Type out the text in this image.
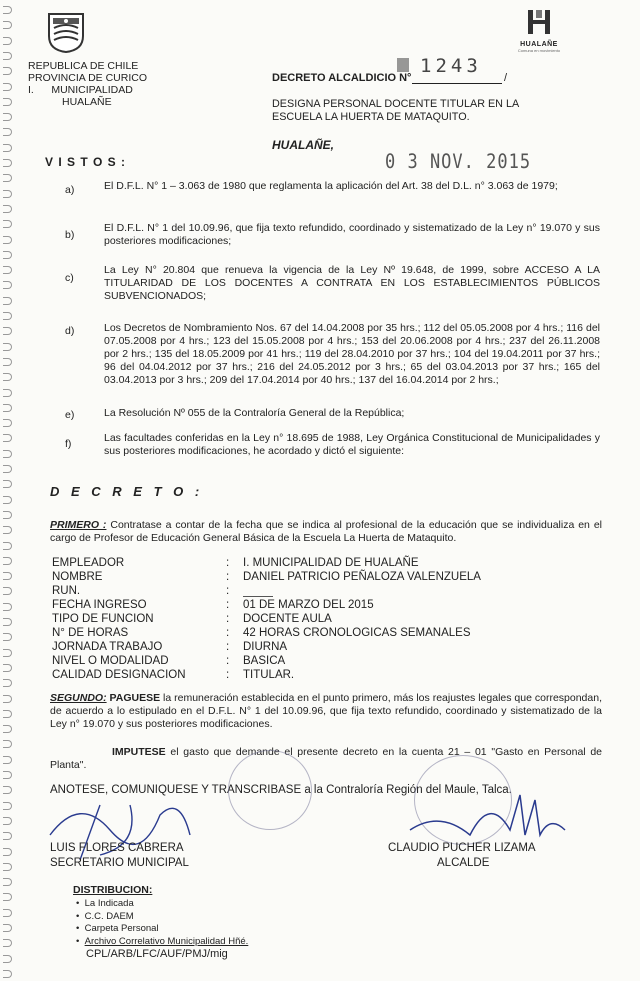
REPUBLICA DE CHILE
PROVINCIA DE CURICO
I.      MUNICIPALIDAD
HUALAÑE
HUALAÑE
Comuna en movimiento
DECRETO ALCALDICIO N°	/
1243
DESIGNA PERSONAL DOCENTE TITULAR EN LA ESCUELA LA HUERTA DE MATAQUITO.
HUALAÑE,
0 3 NOV. 2015
V I S T O S :
a)	El D.F.L. N° 1 – 3.063 de 1980 que reglamenta la aplicación del Art. 38 del D.L. n° 3.063 de 1979;
b)
El D.F.L. N° 1 del 10.09.96, que fija texto refundido, coordinado y sistematizado de la Ley n° 19.070 y sus posteriores modificaciones;
c)
La Ley N° 20.804 que renueva la vigencia de la Ley Nº 19.648, de 1999, sobre ACCESO A LA TITULARIDAD DE LOS DOCENTES A CONTRATA EN LOS ESTABLECIMIENTOS PÚBLICOS SUBVENCIONADOS;
d)	Los Decretos de Nombramiento Nos. 67 del 14.04.2008 por 35 hrs.; 112 del 05.05.2008 por 4 hrs.; 116 del 07.05.2008 por 4 hrs.; 123 del 15.05.2008 por 4 hrs.; 153 del 20.06.2008 por 4 hrs.; 237 del 26.11.2008 por 2 hrs.; 135 del 18.05.2009 por 41 hrs.; 119 del 28.04.2010 por 37 hrs.; 104 del 19.04.2011 por 37 hrs.; 96 del 04.04.2012 por 37 hrs.; 216 del 24.05.2012 por 3 hrs.; 65 del 03.04.2013 por 37 hrs.; 165 del 03.04.2013 por 3 hrs.; 209 del 17.04.2014 por 40 hrs.; 137 del 16.04.2014 por 2 hrs.;
e)	La Resolución Nº 055 de la Contraloría General de la República;
f)	Las facultades conferidas en la Ley n° 18.695 de 1988, Ley Orgánica Constitucional de Municipalidades y sus posteriores modificaciones, he acordado y dictó el siguiente:
D E C R E T O :
PRIMERO : Contratase a contar de la fecha que se indica al profesional de la educación que se individualiza en el cargo de Profesor de Educación General Básica de la Escuela La Huerta de Mataquito.
EMPLEADOR	: I. MUNICIPALIDAD DE HUALAÑE
NOMBRE	: DANIEL PATRICIO PEÑALOZA VALENZUELA
RUN.	:
FECHA INGRESO	: 01 DE MARZO DEL 2015
TIPO DE FUNCION	: DOCENTE AULA
N° DE HORAS	: 42 HORAS CRONOLOGICAS SEMANALES
JORNADA TRABAJO	: DIURNA
NIVEL O MODALIDAD	: BASICA
CALIDAD DESIGNACION	: TITULAR.
SEGUNDO: PAGUESE la remuneración establecida en el punto primero, más los reajustes legales que correspondan, de acuerdo a lo estipulado en el D.F.L. N° 1 del 10.09.96, que fija texto refundido, coordinado y sistematizado de la Ley n° 19.070 y sus posteriores modificaciones.
IMPUTESE el gasto que demande el presente decreto en la cuenta 21 – 01 "Gasto en Personal de Planta".
ANOTESE, COMUNIQUESE Y TRANSCRIBASE a la Contraloría Región del Maule, Talca.
LUIS FLORES CABRERA
SECRETARIO MUNICIPAL
CLAUDIO PUCHER LIZAMA
ALCALDE
DISTRIBUCION:
•  La Indicada
•  C.C. DAEM
•  Carpeta Personal
•  Archivo Correlativo Municipalidad Hñé.
CPL/ARB/LFC/AUF/PMJ/mig
